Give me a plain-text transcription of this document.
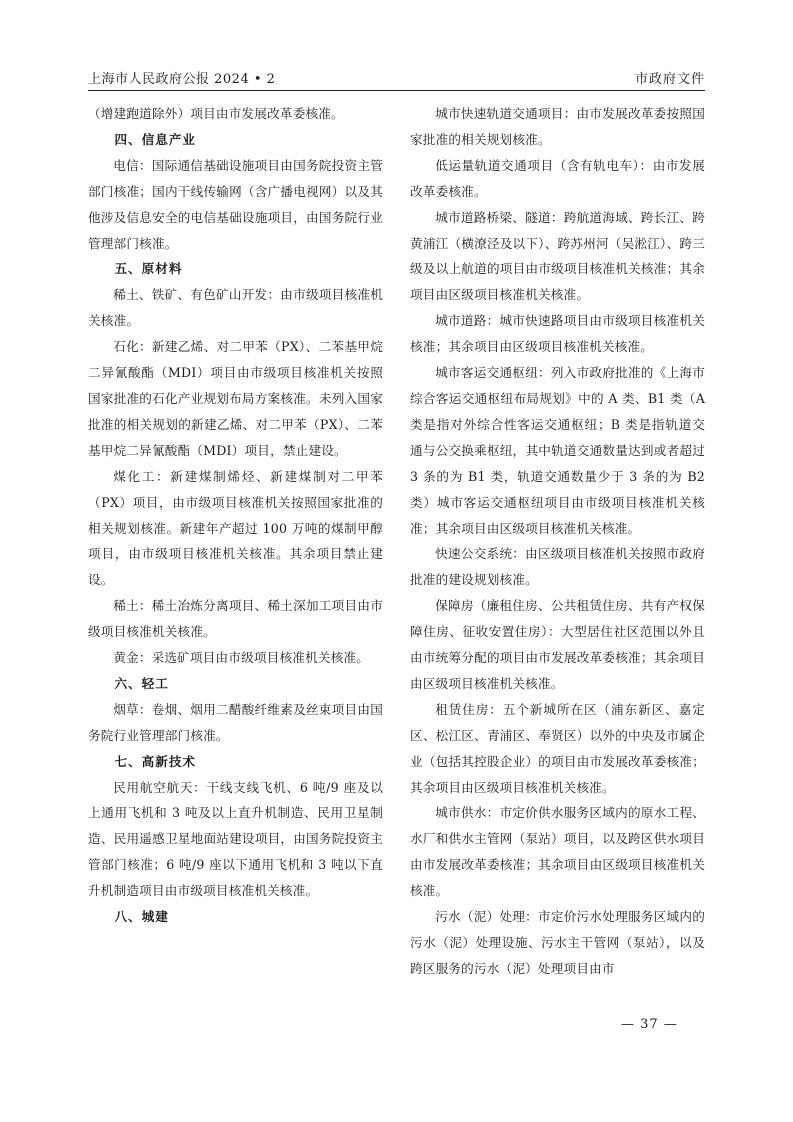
上海市人民政府公报 2024 • 2	市政府文件

（增建跑道除外）项目由市发展改革委核准。

四、信息产业

电信：国际通信基础设施项目由国务院投资主管部门核准；国内干线传输网（含广播电视网）以及其他涉及信息安全的电信基础设施项目，由国务院行业管理部门核准。

五、原材料

稀土、铁矿、有色矿山开发：由市级项目核准机关核准。

石化：新建乙烯、对二甲苯（PX）、二苯基甲烷二异氰酸酯（MDI）项目由市级项目核准机关按照国家批准的石化产业规划布局方案核准。未列入国家批准的相关规划的新建乙烯、对二甲苯（PX）、二苯基甲烷二异氰酸酯（MDI）项目，禁止建设。

煤化工：新建煤制烯烃、新建煤制对二甲苯（PX）项目，由市级项目核准机关按照国家批准的相关规划核准。新建年产超过 100 万吨的煤制甲醇项目，由市级项目核准机关核准。其余项目禁止建设。

稀土：稀土冶炼分离项目、稀土深加工项目由市级项目核准机关核准。

黄金：采选矿项目由市级项目核准机关核准。

六、轻工

烟草：卷烟、烟用二醋酸纤维素及丝束项目由国务院行业管理部门核准。

七、高新技术

民用航空航天：干线支线飞机、6 吨/9 座及以上通用飞机和 3 吨及以上直升机制造、民用卫星制造、民用遥感卫星地面站建设项目，由国务院投资主管部门核准；6 吨/9 座以下通用飞机和 3 吨以下直升机制造项目由市级项目核准机关核准。

八、城建

城市快速轨道交通项目：由市发展改革委按照国家批准的相关规划核准。

低运量轨道交通项目（含有轨电车）：由市发展改革委核准。

城市道路桥梁、隧道：跨航道海域、跨长江、跨黄浦江（横潦泾及以下）、跨苏州河（吴淞江）、跨三级及以上航道的项目由市级项目核准机关核准；其余项目由区级项目核准机关核准。

城市道路：城市快速路项目由市级项目核准机关核准；其余项目由区级项目核准机关核准。

城市客运交通枢纽：列入市政府批准的《上海市综合客运交通枢纽布局规划》中的 A 类、B1 类（A 类是指对外综合性客运交通枢纽；B 类是指轨道交通与公交换乘枢纽，其中轨道交通数量达到或者超过 3 条的为 B1 类，轨道交通数量少于 3 条的为 B2 类）城市客运交通枢纽项目由市级项目核准机关核准；其余项目由区级项目核准机关核准。

快速公交系统：由区级项目核准机关按照市政府批准的建设规划核准。

保障房（廉租住房、公共租赁住房、共有产权保障住房、征收安置住房）：大型居住社区范围以外且由市统筹分配的项目由市发展改革委核准；其余项目由区级项目核准机关核准。

租赁住房：五个新城所在区（浦东新区、嘉定区、松江区、青浦区、奉贤区）以外的中央及市属企业（包括其控股企业）的项目由市发展改革委核准；其余项目由区级项目核准机关核准。

城市供水：市定价供水服务区域内的原水工程、水厂和供水主管网（泵站）项目，以及跨区供水项目由市发展改革委核准；其余项目由区级项目核准机关核准。

污水（泥）处理：市定价污水处理服务区域内的污水（泥）处理设施、污水主干管网（泵站），以及跨区服务的污水（泥）处理项目由市

— 37 —
